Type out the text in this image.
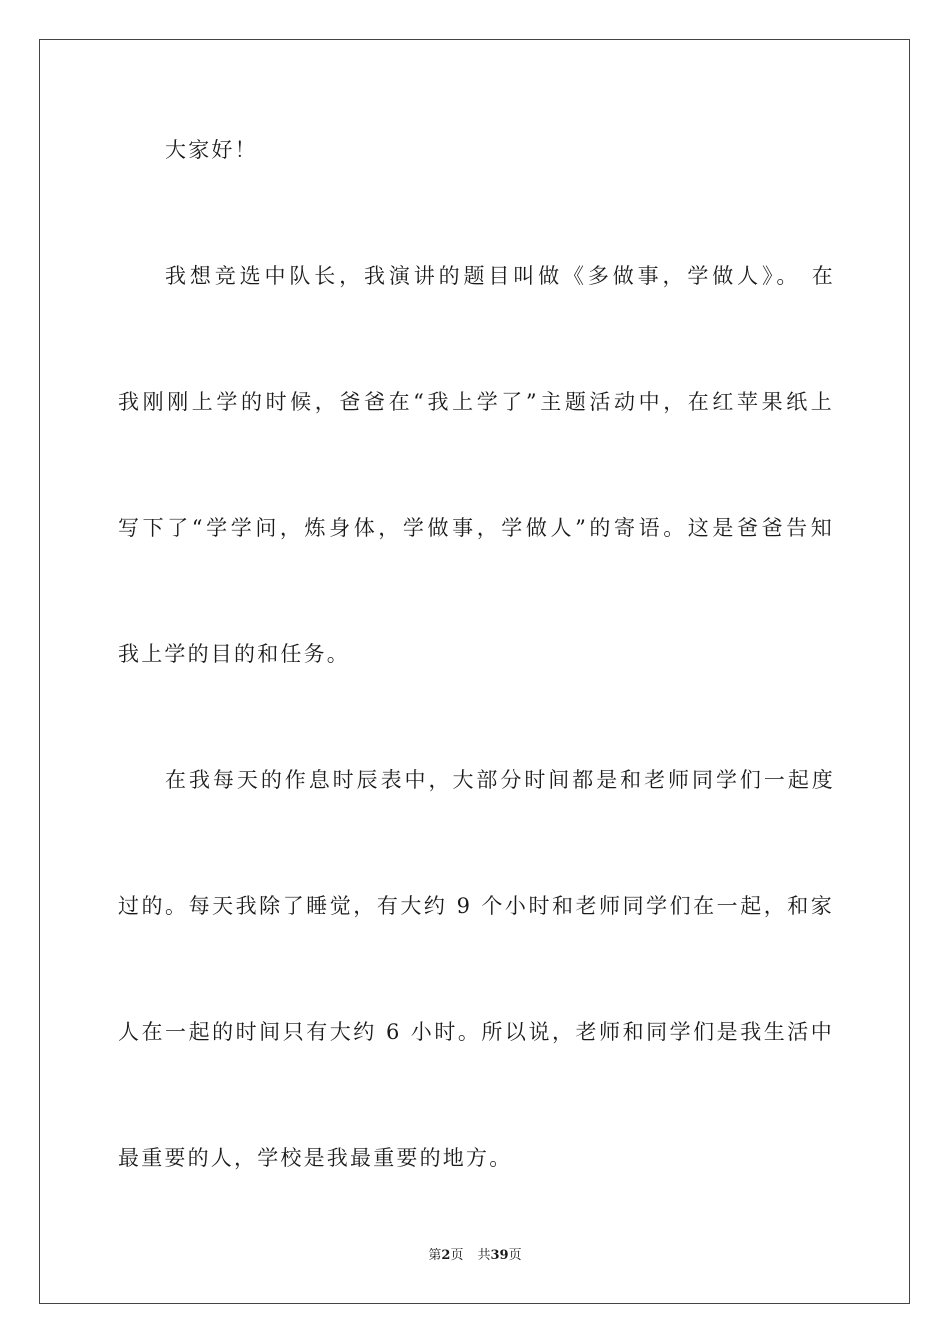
大家好！
我想竞选中队长，我演讲的题目叫做《多做事，学做人》。 在
我刚刚上学的时候，爸爸在“我上学了”主题活动中，在红苹果纸上
写下了“学学问，炼身体，学做事，学做人”的寄语。这是爸爸告知
我上学的目的和任务。
在我每天的作息时辰表中，大部分时间都是和老师同学们一起度
过的。每天我除了睡觉，有大约 9 个小时和老师同学们在一起，和家
人在一起的时间只有大约 6 小时。所以说，老师和同学们是我生活中
最重要的人，学校是我最重要的地方。
第2页 共39页
